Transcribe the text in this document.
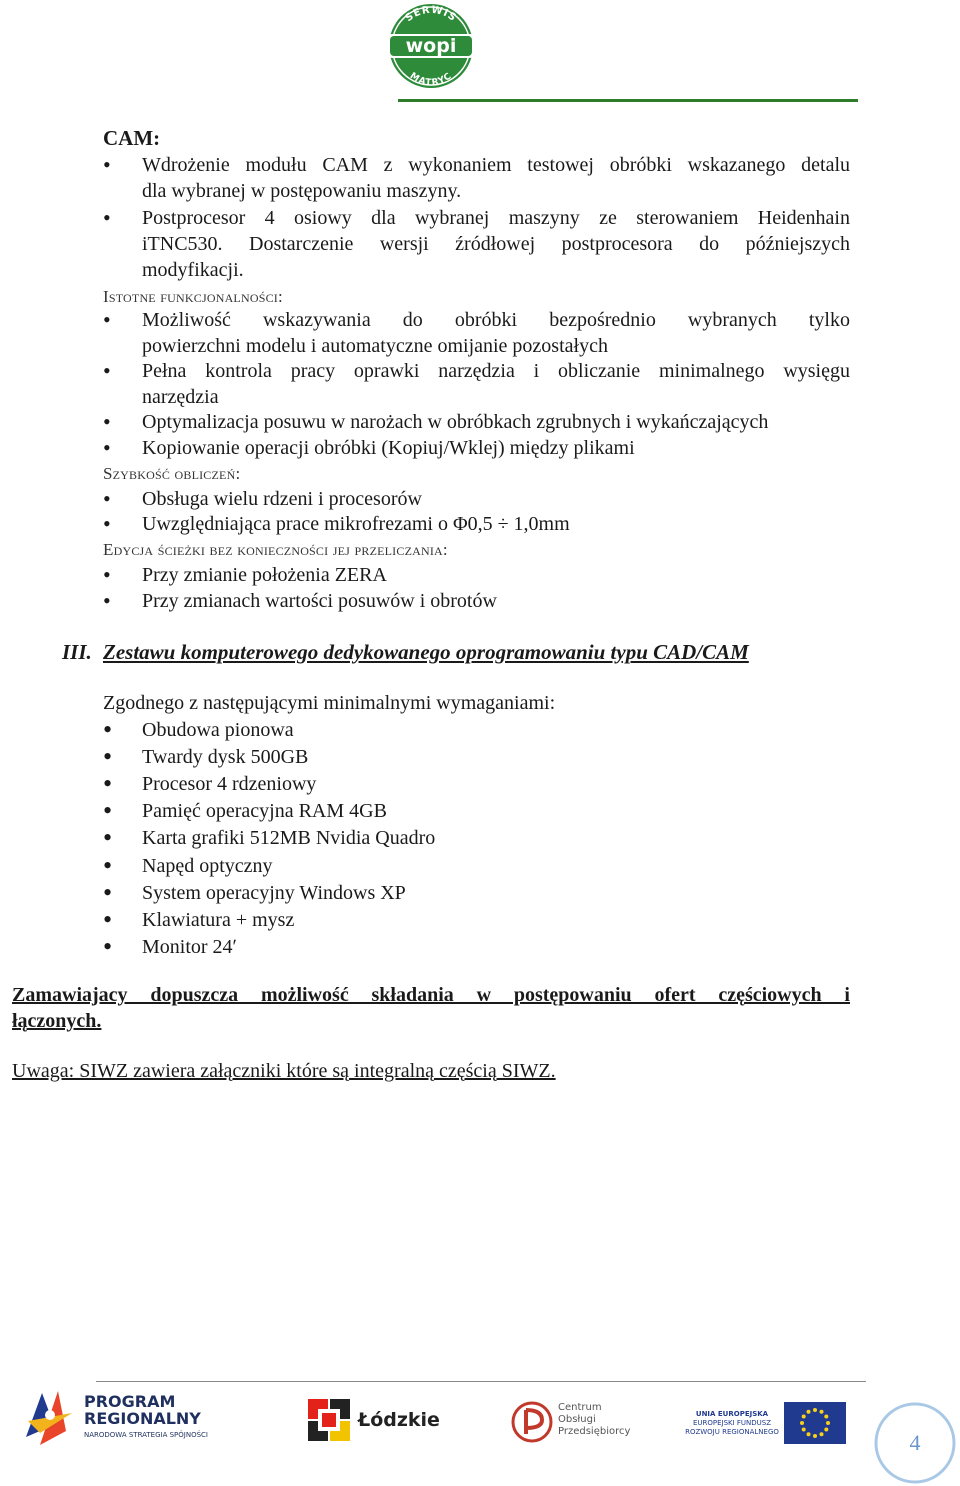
SERWIS
MATRYC
wopi
CAM:
• Wdrożenie modułu CAM z wykonaniem testowej obróbki wskazanego detalu
dla wybranej w postępowaniu maszyny.
• Postprocesor 4 osiowy dla wybranej maszyny ze sterowaniem Heidenhain
iTNC530. Dostarczenie wersji źródłowej postprocesora do późniejszych
modyfikacji.
Istotne funkcjonalności:
• Możliwość wskazywania do obróbki bezpośrednio wybranych tylko
powierzchni modelu i automatyczne omijanie pozostałych
• Pełna kontrola pracy oprawki narzędzia i obliczanie minimalnego wysięgu
narzędzia
• Optymalizacja posuwu w narożach w obróbkach zgrubnych i wykańczających
• Kopiowanie operacji obróbki (Kopiuj/Wklej) między plikami
Szybkość obliczeń:
• Obsługa wielu rdzeni i procesorów
• Uwzględniająca prace mikrofrezami o Φ0,5 ÷ 1,0mm
Edycja ścieżki bez konieczności jej przeliczania:
• Przy zmianie położenia ZERA
• Przy zmianach wartości posuwów i obrotów
III. Zestawu komputerowego dedykowanego oprogramowaniu typu CAD/CAM
Zgodnego z następującymi minimalnymi wymaganiami:
• Obudowa pionowa
• Twardy dysk 500GB
• Procesor 4 rdzeniowy
• Pamięć operacyjna RAM 4GB
• Karta grafiki 512MB Nvidia Quadro
• Napęd optyczny
• System operacyjny Windows XP
• Klawiatura + mysz
• Monitor 24ʹ
Zamawiajacy dopuszcza możliwość składania w postępowaniu ofert częściowych i
łączonych.
Uwaga: SIWZ zawiera załączniki które są integralną częścią SIWZ.
PROGRAM
REGIONALNY
NARODOWA STRATEGIA SPÓJNOŚCI
Łódzkie
Centrum
Obsługi
Przedsiębiorcy
UNIA EUROPEJSKA
EUROPEJSKI FUNDUSZ
ROZWOJU REGIONALNEGO	4
